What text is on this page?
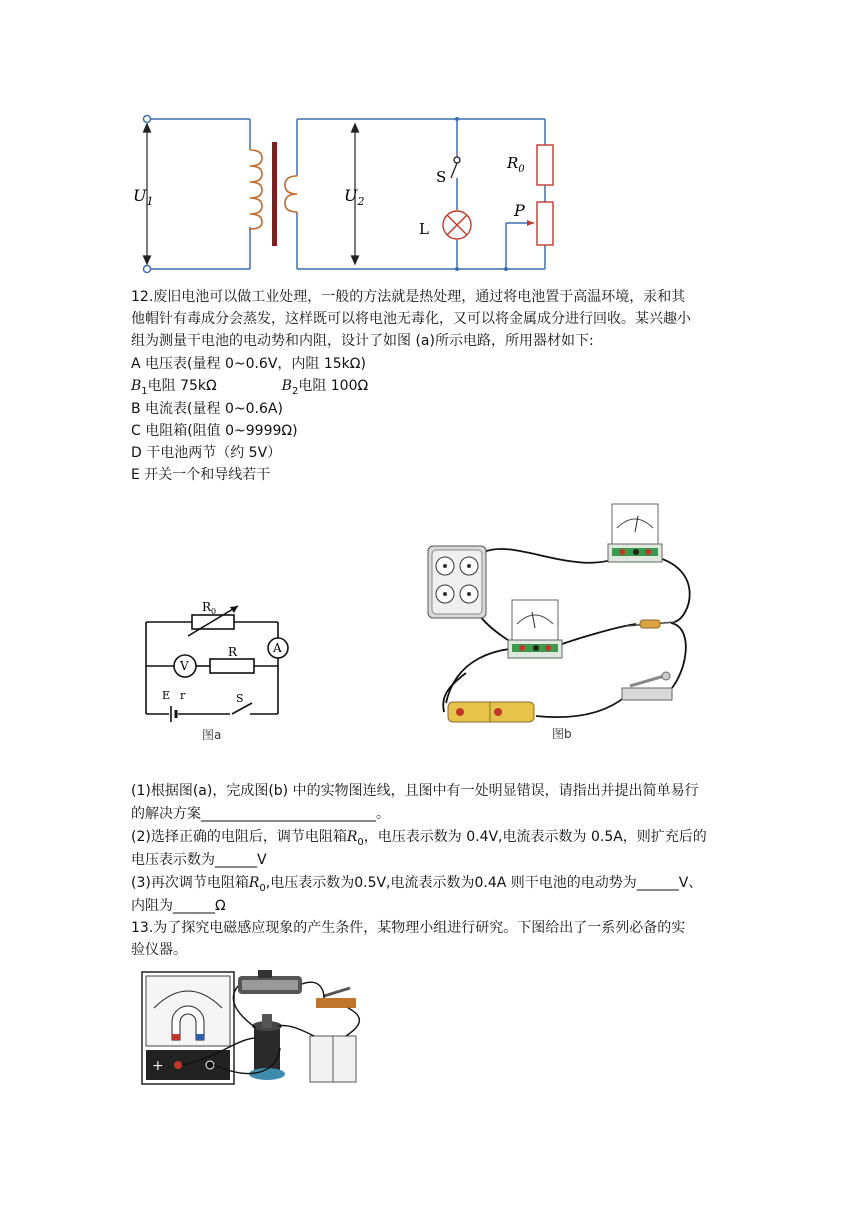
$U_1$	$U_2$
S
L
$R_0$
P
12.废旧电池可以做工业处理，一般的方法就是热处理，通过将电池置于高温环境，汞和其
他帽针有毒成分会蒸发，这样既可以将电池无毒化，又可以将金属成分进行回收。某兴趣小
组为测量干电池的电动势和内阻，设计了如图 (a)所示电路，所用器材如下:
A 电压表(量程 0~0.6V，内阻 15kΩ)
$B_1$电阻 75kΩ	$B_2$电阻 100Ω
B 电流表(量程 0~0.6A)
C 电阻箱(阻值 0~9999Ω)
D 干电池两节（约 5V）
E 开关一个和导线若干
$R_0$
V
A
R
E r	S
图a	图b
(1)根据图(a)，完成图(b) 中的实物图连线，且图中有一处明显错误，请指出并提出简单易行
的解决方案_________________________。
(2)选择正确的电阻后，调节电阻箱$R_0$，电压表示数为 0.4V,电流表示数为 0.5A，则扩充后的
电压表示数为______V
(3)再次调节电阻箱$R_0$,电压表示数为0.5V,电流表示数为0.4A 则干电池的电动势为______V、
内阻为______Ω
13.为了探究电磁感应现象的产生条件，某物理小组进行研究。下图给出了一系列必备的实
验仪器。
+
